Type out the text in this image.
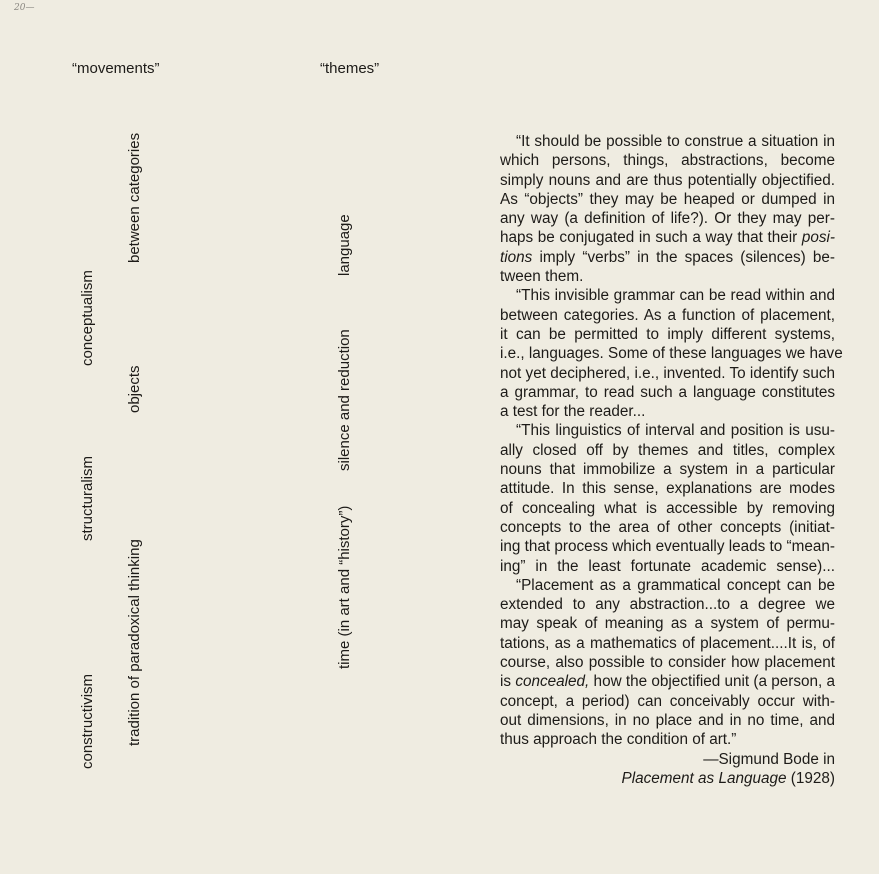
20—
“movements”	“themes”
constructivism
structuralism
conceptualism
tradition of paradoxical thinking
objects
between categories
time (in art and “history”)
silence and reduction
language
“It should be possible to construe a situation in
which persons, things, abstractions, become
simply nouns and are thus potentially objectified.
As “objects” they may be heaped or dumped in
any way (a definition of life?). Or they may per-
haps be conjugated in such a way that their posi-
tions imply “verbs” in the spaces (silences) be-
tween them.
“This invisible grammar can be read within and
between categories. As a function of placement,
it can be permitted to imply different systems,
i.e., languages. Some of these languages we have
not yet deciphered, i.e., invented. To identify such
a grammar, to read such a language constitutes
a test for the reader...
“This linguistics of interval and position is usu-
ally closed off by themes and titles, complex
nouns that immobilize a system in a particular
attitude. In this sense, explanations are modes
of concealing what is accessible by removing
concepts to the area of other concepts (initiat-
ing that process which eventually leads to “mean-
ing” in the least fortunate academic sense)...
“Placement as a grammatical concept can be
extended to any abstraction...to a degree we
may speak of meaning as a system of permu-
tations, as a mathematics of placement....It is, of
course, also possible to consider how placement
is concealed, how the objectified unit (a person, a
concept, a period) can conceivably occur with-
out dimensions, in no place and in no time, and
thus approach the condition of art.”
—Sigmund Bode in
Placement as Language (1928)
